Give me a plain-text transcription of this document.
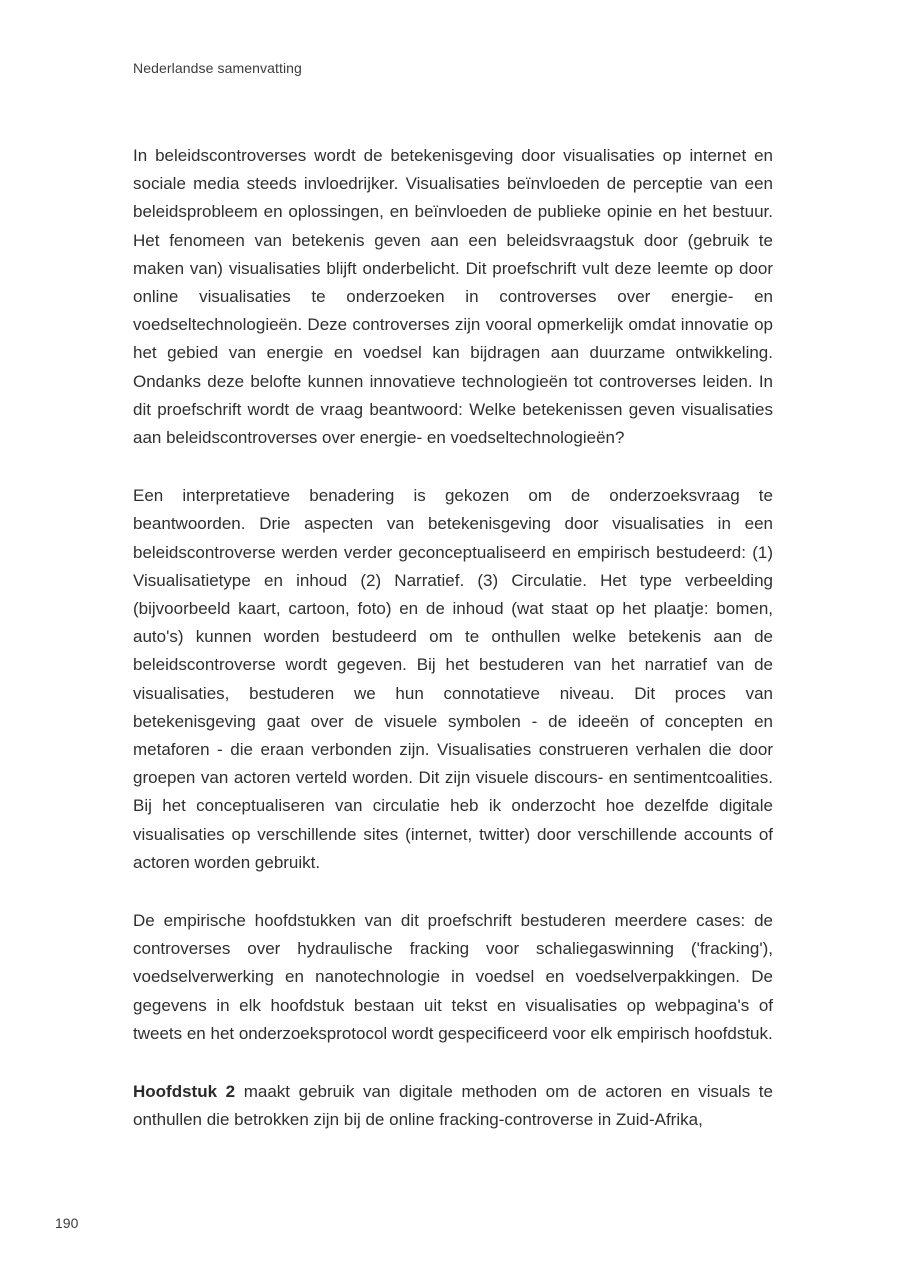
Nederlandse samenvatting

In beleidscontroverses wordt de betekenisgeving door visualisaties op internet en sociale media steeds invloedrijker. Visualisaties beïnvloeden de perceptie van een beleidsprobleem en oplossingen, en beïnvloeden de publieke opinie en het bestuur. Het fenomeen van betekenis geven aan een beleidsvraagstuk door (gebruik te maken van) visualisaties blijft onderbelicht. Dit proefschrift vult deze leemte op door online visualisaties te onderzoeken in controverses over energie- en voedseltechnologieën. Deze controverses zijn vooral opmerkelijk omdat innovatie op het gebied van energie en voedsel kan bijdragen aan duurzame ontwikkeling. Ondanks deze belofte kunnen innovatieve technologieën tot controverses leiden. In dit proefschrift wordt de vraag beantwoord: Welke betekenissen geven visualisaties aan beleidscontroverses over energie- en voedseltechnologieën?

Een interpretatieve benadering is gekozen om de onderzoeksvraag te beantwoorden. Drie aspecten van betekenisgeving door visualisaties in een beleidscontroverse werden verder geconceptualiseerd en empirisch bestudeerd: (1) Visualisatietype en inhoud (2) Narratief. (3) Circulatie. Het type verbeelding (bijvoorbeeld kaart, cartoon, foto) en de inhoud (wat staat op het plaatje: bomen, auto's) kunnen worden bestudeerd om te onthullen welke betekenis aan de beleidscontroverse wordt gegeven. Bij het bestuderen van het narratief van de visualisaties, bestuderen we hun connotatieve niveau. Dit proces van betekenisgeving gaat over de visuele symbolen - de ideeën of concepten en metaforen - die eraan verbonden zijn. Visualisaties construeren verhalen die door groepen van actoren verteld worden. Dit zijn visuele discours- en sentimentcoalities. Bij het conceptualiseren van circulatie heb ik onderzocht hoe dezelfde digitale visualisaties op verschillende sites (internet, twitter) door verschillende accounts of actoren worden gebruikt.

De empirische hoofdstukken van dit proefschrift bestuderen meerdere cases: de controverses over hydraulische fracking voor schaliegaswinning ('fracking'), voedselverwerking en nanotechnologie in voedsel en voedselverpakkingen. De gegevens in elk hoofdstuk bestaan uit tekst en visualisaties op webpagina's of tweets en het onderzoeksprotocol wordt gespecificeerd voor elk empirisch hoofdstuk.

Hoofdstuk 2 maakt gebruik van digitale methoden om de actoren en visuals te onthullen die betrokken zijn bij de online fracking-controverse in Zuid-Afrika,

190
